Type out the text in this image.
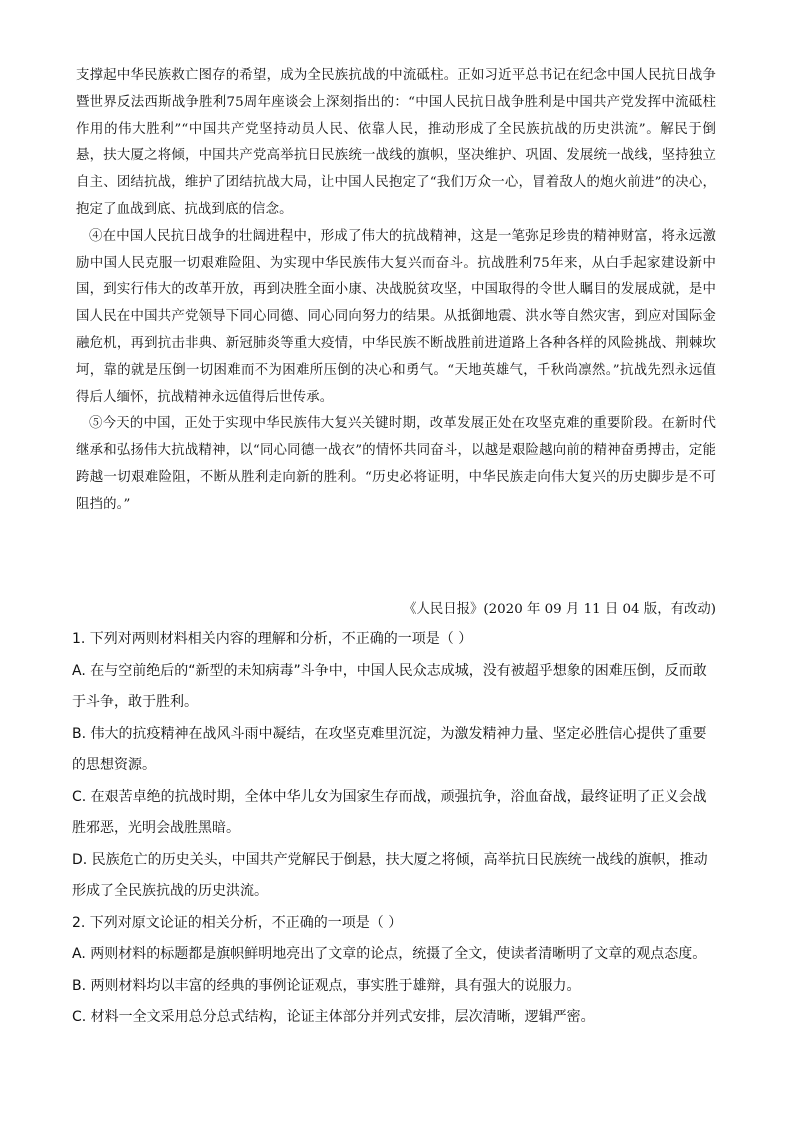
支撑起中华民族救亡图存的希望，成为全民族抗战的中流砥柱。正如习近平总书记在纪念中国人民抗日战争暨世界反法西斯战争胜利75周年座谈会上深刻指出的：“中国人民抗日战争胜利是中国共产党发挥中流砥柱作用的伟大胜利”“中国共产党坚持动员人民、依靠人民，推动形成了全民族抗战的历史洪流”。解民于倒悬，扶大厦之将倾，中国共产党高举抗日民族统一战线的旗帜，坚决维护、巩固、发展统一战线，坚持独立自主、团结抗战，维护了团结抗战大局，让中国人民抱定了“我们万众一心，冒着敌人的炮火前进”的决心，抱定了血战到底、抗战到底的信念。

④在中国人民抗日战争的壮阔进程中，形成了伟大的抗战精神，这是一笔弥足珍贵的精神财富，将永远激励中国人民克服一切艰难险阻、为实现中华民族伟大复兴而奋斗。抗战胜利75年来，从白手起家建设新中国，到实行伟大的改革开放，再到决胜全面小康、决战脱贫攻坚，中国取得的令世人瞩目的发展成就，是中国人民在中国共产党领导下同心同德、同心同向努力的结果。从抵御地震、洪水等自然灾害，到应对国际金融危机，再到抗击非典、新冠肺炎等重大疫情，中华民族不断战胜前进道路上各种各样的风险挑战、荆棘坎坷，靠的就是压倒一切困难而不为困难所压倒的决心和勇气。“天地英雄气，千秋尚凛然。”抗战先烈永远值得后人缅怀，抗战精神永远值得后世传承。

⑤今天的中国，正处于实现中华民族伟大复兴关键时期，改革发展正处在攻坚克难的重要阶段。在新时代继承和弘扬伟大抗战精神，以“同心同德一战衣”的情怀共同奋斗，以越是艰险越向前的精神奋勇搏击，定能跨越一切艰难险阻，不断从胜利走向新的胜利。“历史必将证明，中华民族走向伟大复兴的历史脚步是不可阻挡的。”

《人民日报》(2020 年 09 月 11 日 04 版，有改动)

1. 下列对两则材料相关内容的理解和分析，不正确的一项是（ ）

A. 在与空前绝后的“新型的未知病毒”斗争中，中国人民众志成城，没有被超乎想象的困难压倒，反而敢于斗争，敢于胜利。

B. 伟大的抗疫精神在战风斗雨中凝结，在攻坚克难里沉淀，为激发精神力量、坚定必胜信心提供了重要的思想资源。

C. 在艰苦卓绝的抗战时期，全体中华儿女为国家生存而战，顽强抗争，浴血奋战，最终证明了正义会战胜邪恶，光明会战胜黑暗。

D. 民族危亡的历史关头，中国共产党解民于倒悬，扶大厦之将倾，高举抗日民族统一战线的旗帜，推动形成了全民族抗战的历史洪流。

2. 下列对原文论证的相关分析，不正确的一项是（ ）

A. 两则材料的标题都是旗帜鲜明地亮出了文章的论点，统摄了全文，使读者清晰明了文章的观点态度。

B. 两则材料均以丰富的经典的事例论证观点，事实胜于雄辩，具有强大的说服力。

C. 材料一全文采用总分总式结构，论证主体部分并列式安排，层次清晰，逻辑严密。
